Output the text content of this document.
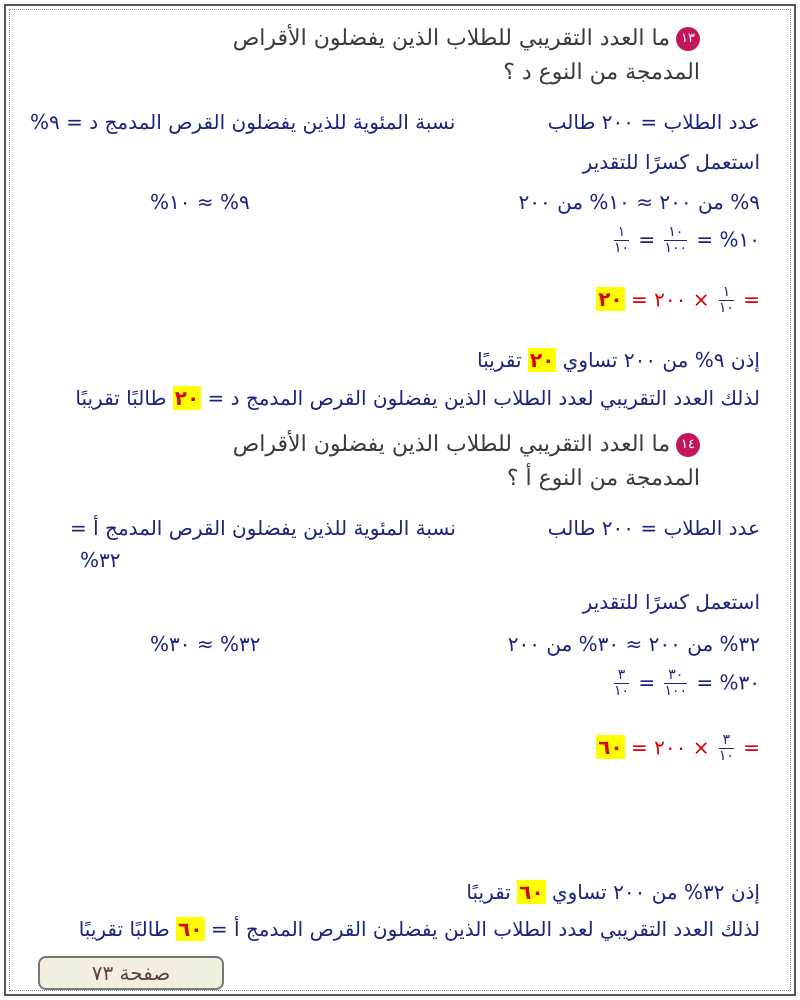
١٣ما العدد التقريبي للطلاب الذين يفضلون الأقراص
المدمجة من النوع د ؟
عدد الطلاب = ٢٠٠ طالب
نسبة المئوية للذين يفضلون القرص المدمج د = ٩%
استعمل كسرًا للتقدير
٩% من ٢٠٠ ≈ ١٠% من ٢٠٠
٩% ≈ ١٠%
١٠% =
$\frac{١٠}{١٠٠}$
=
$\frac{١}{١٠}$
=
$\frac{١}{١٠}$
× ٢٠٠ = ٢٠
إذن ٩% من ٢٠٠ تساوي ٢٠ تقريبًا
لذلك العدد التقريبي لعدد الطلاب الذين يفضلون القرص المدمج د = ٢٠ طالبًا تقريبًا
١٤ما العدد التقريبي للطلاب الذين يفضلون الأقراص
المدمجة من النوع أ ؟
عدد الطلاب = ٢٠٠ طالب
نسبة المئوية للذين يفضلون القرص المدمج أ =
٣٢%
استعمل كسرًا للتقدير
٣٢% من ٢٠٠ ≈ ٣٠% من ٢٠٠
٣٢% ≈ ٣٠%
٣٠% =
$\frac{٣٠}{١٠٠}$
=
$\frac{٣}{١٠}$
=
$\frac{٣}{١٠}$
× ٢٠٠ = ٦٠
إذن ٣٢% من ٢٠٠ تساوي ٦٠ تقريبًا
لذلك العدد التقريبي لعدد الطلاب الذين يفضلون القرص المدمج أ = ٦٠ طالبًا تقريبًا
صفحة ٧٣
